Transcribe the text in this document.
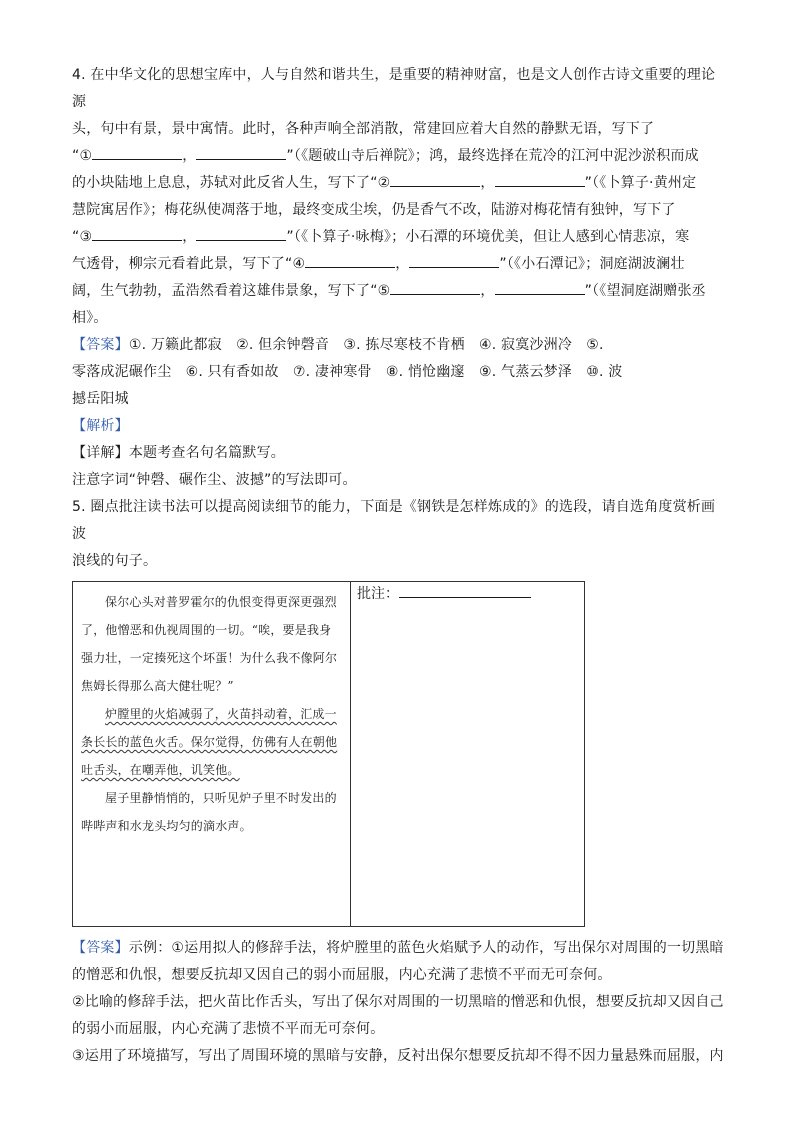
4. 在中华文化的思想宝库中，人与自然和谐共生，是重要的精神财富，也是文人创作古诗文重要的理论源

头，句中有景，景中寓情。此时，各种声响全部消散，常建回应着大自然的静默无语，写下了

“①	，	”（《题破山寺后禅院》；鸿，最终选择在荒冷的江河中泥沙淤积而成

的小块陆地上息息，苏轼对此反省人生，写下了“②	，	”（《卜算子·黄州定

慧院寓居作》；梅花纵使凋落于地，最终变成尘埃，仍是香气不改，陆游对梅花情有独钟，写下了

“③	，	”（《卜算子·咏梅》；小石潭的环境优美，但让人感到心情悲凉，寒

气透骨，柳宗元看着此景，写下了“④	，	”（《小石潭记》；洞庭湖波澜壮

阔，生气勃勃，孟浩然看着这雄伟景象，写下了“⑤	，	”（《望洞庭湖赠张丞

相》。

【答案】①. 万籁此都寂　②. 但余钟磬音　③. 拣尽寒枝不肯栖　④. 寂寞沙洲冷　⑤.

零落成泥碾作尘　⑥. 只有香如故　⑦. 凄神寒骨　⑧. 悄怆幽邃　⑨. 气蒸云梦泽　⑩. 波

撼岳阳城

【解析】

【详解】本题考查名句名篇默写。

注意字词“钟磬、碾作尘、波撼”的写法即可。

5. 圈点批注读书法可以提高阅读细节的能力，下面是《钢铁是怎样炼成的》的选段，请自选角度赏析画波

浪线的句子。

保尔心头对普罗霍尔的仇恨变得更深更强烈了，他憎恶和仇视周围的一切。“唉，要是我身强力壮，一定揍死这个坏蛋！为什么我不像阿尔焦姆长得那么高大健壮呢？”

炉膛里的火焰减弱了，火苗抖动着，汇成一条长长的蓝色火舌。保尔觉得，仿佛有人在朝他吐舌头，在嘲弄他，讥笑他。

屋子里静悄悄的，只听见炉子里不时发出的哔哔声和水龙头均匀的滴水声。

	批注：

【答案】示例：①运用拟人的修辞手法，将炉膛里的蓝色火焰赋予人的动作，写出保尔对周围的一切黑暗

的憎恶和仇恨，想要反抗却又因自己的弱小而屈服，内心充满了悲愤不平而无可奈何。

②比喻的修辞手法，把火苗比作舌头，写出了保尔对周围的一切黑暗的憎恶和仇恨，想要反抗却又因自己

的弱小而屈服，内心充满了悲愤不平而无可奈何。

③运用了环境描写，写出了周围环境的黑暗与安静，反衬出保尔想要反抗却不得不因力量悬殊而屈服，内
